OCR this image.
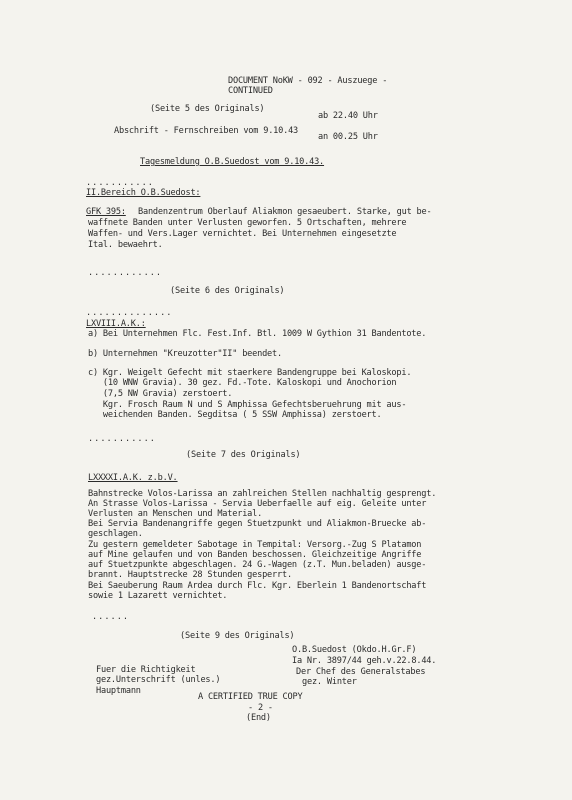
DOCUMENT NoKW - 092 - Auszuege -
CONTINUED
(Seite 5 des Originals)
ab 22.40 Uhr
Abschrift - Fernschreiben vom 9.10.43
an 00.25 Uhr
Tagesmeldung O.B.Suedost vom 9.10.43.
...........
II.Bereich O.B.Suedost:
GFK 395: Bandenzentrum Oberlauf Aliakmon gesaeubert. Starke, gut be-
waffnete Banden unter Verlusten geworfen. 5 Ortschaften, mehrere
Waffen- und Vers.Lager vernichtet. Bei Unternehmen eingesetzte
Ital. bewaehrt.
............
(Seite 6 des Originals)
..............
LXVIII.A.K.:
a) Bei Unternehmen Flc. Fest.Inf. Btl. 1009 W Gythion 31 Bandentote.
b) Unternehmen "Kreuzotter"II" beendet.
c) Kgr. Weigelt Gefecht mit staerkere Bandengruppe bei Kaloskopi.
(10 WNW Gravia). 30 gez. Fd.-Tote. Kaloskopi und Anochorion
(7,5 NW Gravia) zerstoert.
Kgr. Frosch Raum N und S Amphissa Gefechtsberuehrung mit aus-
weichenden Banden. Segditsa ( 5 SSW Amphissa) zerstoert.
...........
(Seite 7 des Originals)
LXXXXI.A.K. z.b.V.
Bahnstrecke Volos-Larissa an zahlreichen Stellen nachhaltig gesprengt.
An Strasse Volos-Larissa - Servia Ueberfaelle auf eig. Geleite unter
Verlusten an Menschen und Material.
Bei Servia Bandenangriffe gegen Stuetzpunkt und Aliakmon-Bruecke ab-
geschlagen.
Zu gestern gemeldeter Sabotage in Tempital: Versorg.-Zug S Platamon
auf Mine gelaufen und von Banden beschossen. Gleichzeitige Angriffe
auf Stuetzpunkte abgeschlagen. 24 G.-Wagen (z.T. Mun.beladen) ausge-
brannt. Hauptstrecke 28 Stunden gesperrt.
Bei Saeuberung Raum Ardea durch Flc. Kgr. Eberlein 1 Bandenortschaft
sowie 1 Lazarett vernichtet.
......
(Seite 9 des Originals)
Fuer die Richtigkeit
gez.Unterschrift (unles.)
Hauptmann
O.B.Suedost (Okdo.H.Gr.F)
Ia Nr. 3897/44 geh.v.22.8.44.
Der Chef des Generalstabes
gez. Winter
A CERTIFIED TRUE COPY
- 2 -
(End)
